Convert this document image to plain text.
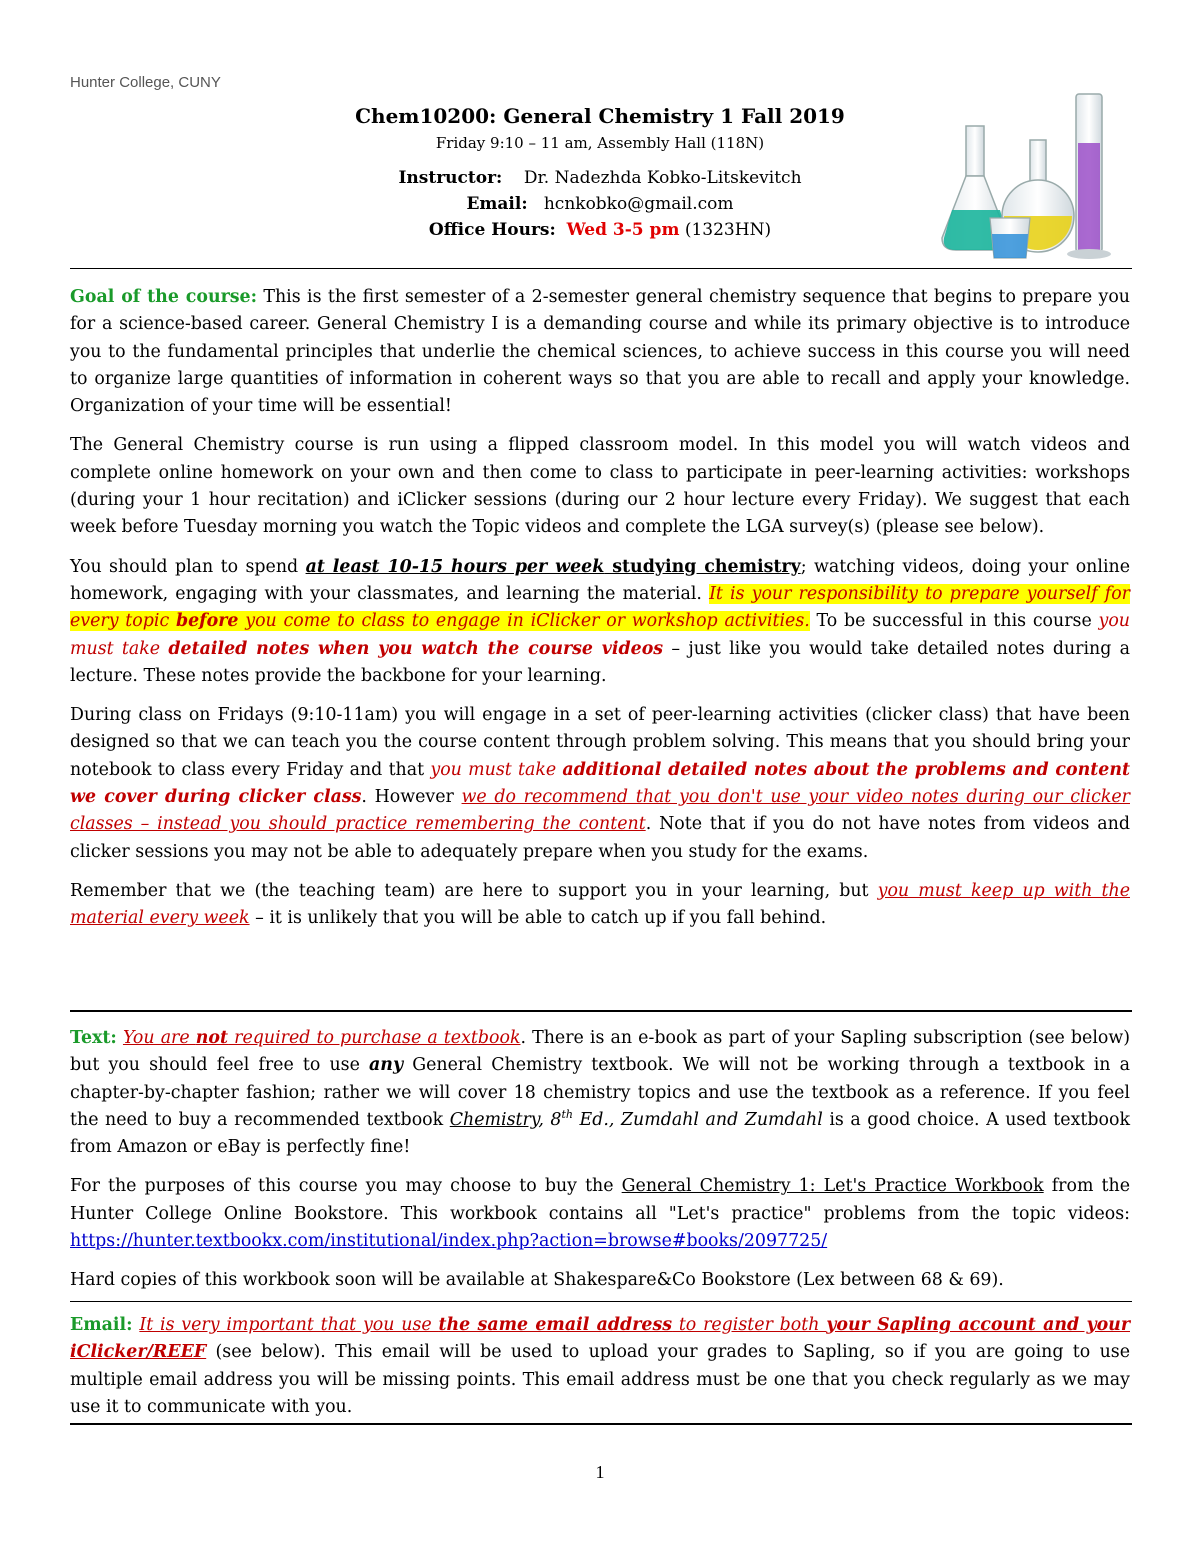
Hunter College, CUNY
Chem10200: General Chemistry 1 Fall 2019
Friday 9:10 – 11 am, Assembly Hall (118N)
Instructor: Dr. Nadezhda Kobko-Litskevitch
Email: hcnkobko@gmail.com
Office Hours: Wed 3-5 pm (1323HN)

Goal of the course: This is the first semester of a 2-semester general chemistry sequence that begins to prepare you for a science-based career. General Chemistry I is a demanding course and while its primary objective is to introduce you to the fundamental principles that underlie the chemical sciences, to achieve success in this course you will need to organize large quantities of information in coherent ways so that you are able to recall and apply your knowledge. Organization of your time will be essential!

The General Chemistry course is run using a flipped classroom model. In this model you will watch videos and complete online homework on your own and then come to class to participate in peer-learning activities: workshops (during your 1 hour recitation) and iClicker sessions (during our 2 hour lecture every Friday). We suggest that each week before Tuesday morning you watch the Topic videos and complete the LGA survey(s) (please see below).

You should plan to spend at least 10-15 hours per week studying chemistry; watching videos, doing your online homework, engaging with your classmates, and learning the material. It is your responsibility to prepare yourself for every topic before you come to class to engage in iClicker or workshop activities. To be successful in this course you must take detailed notes when you watch the course videos – just like you would take detailed notes during a lecture. These notes provide the backbone for your learning.

During class on Fridays (9:10-11am) you will engage in a set of peer-learning activities (clicker class) that have been designed so that we can teach you the course content through problem solving. This means that you should bring your notebook to class every Friday and that you must take additional detailed notes about the problems and content we cover during clicker class. However we do recommend that you don't use your video notes during our clicker classes – instead you should practice remembering the content. Note that if you do not have notes from videos and clicker sessions you may not be able to adequately prepare when you study for the exams.

Remember that we (the teaching team) are here to support you in your learning, but you must keep up with the material every week – it is unlikely that you will be able to catch up if you fall behind.

Text: You are not required to purchase a textbook. There is an e-book as part of your Sapling subscription (see below) but you should feel free to use any General Chemistry textbook. We will not be working through a textbook in a chapter-by-chapter fashion; rather we will cover 18 chemistry topics and use the textbook as a reference. If you feel the need to buy a recommended textbook Chemistry, 8th Ed., Zumdahl and Zumdahl is a good choice. A used textbook from Amazon or eBay is perfectly fine!

For the purposes of this course you may choose to buy the General Chemistry 1: Let's Practice Workbook from the Hunter College Online Bookstore. This workbook contains all "Let's practice" problems from the topic videos: https://hunter.textbookx.com/institutional/index.php?action=browse#books/2097725/

Hard copies of this workbook soon will be available at Shakespare&Co Bookstore (Lex between 68 & 69).

Email: It is very important that you use the same email address to register both your Sapling account and your iClicker/REEF (see below). This email will be used to upload your grades to Sapling, so if you are going to use multiple email address you will be missing points. This email address must be one that you check regularly as we may use it to communicate with you.

1
